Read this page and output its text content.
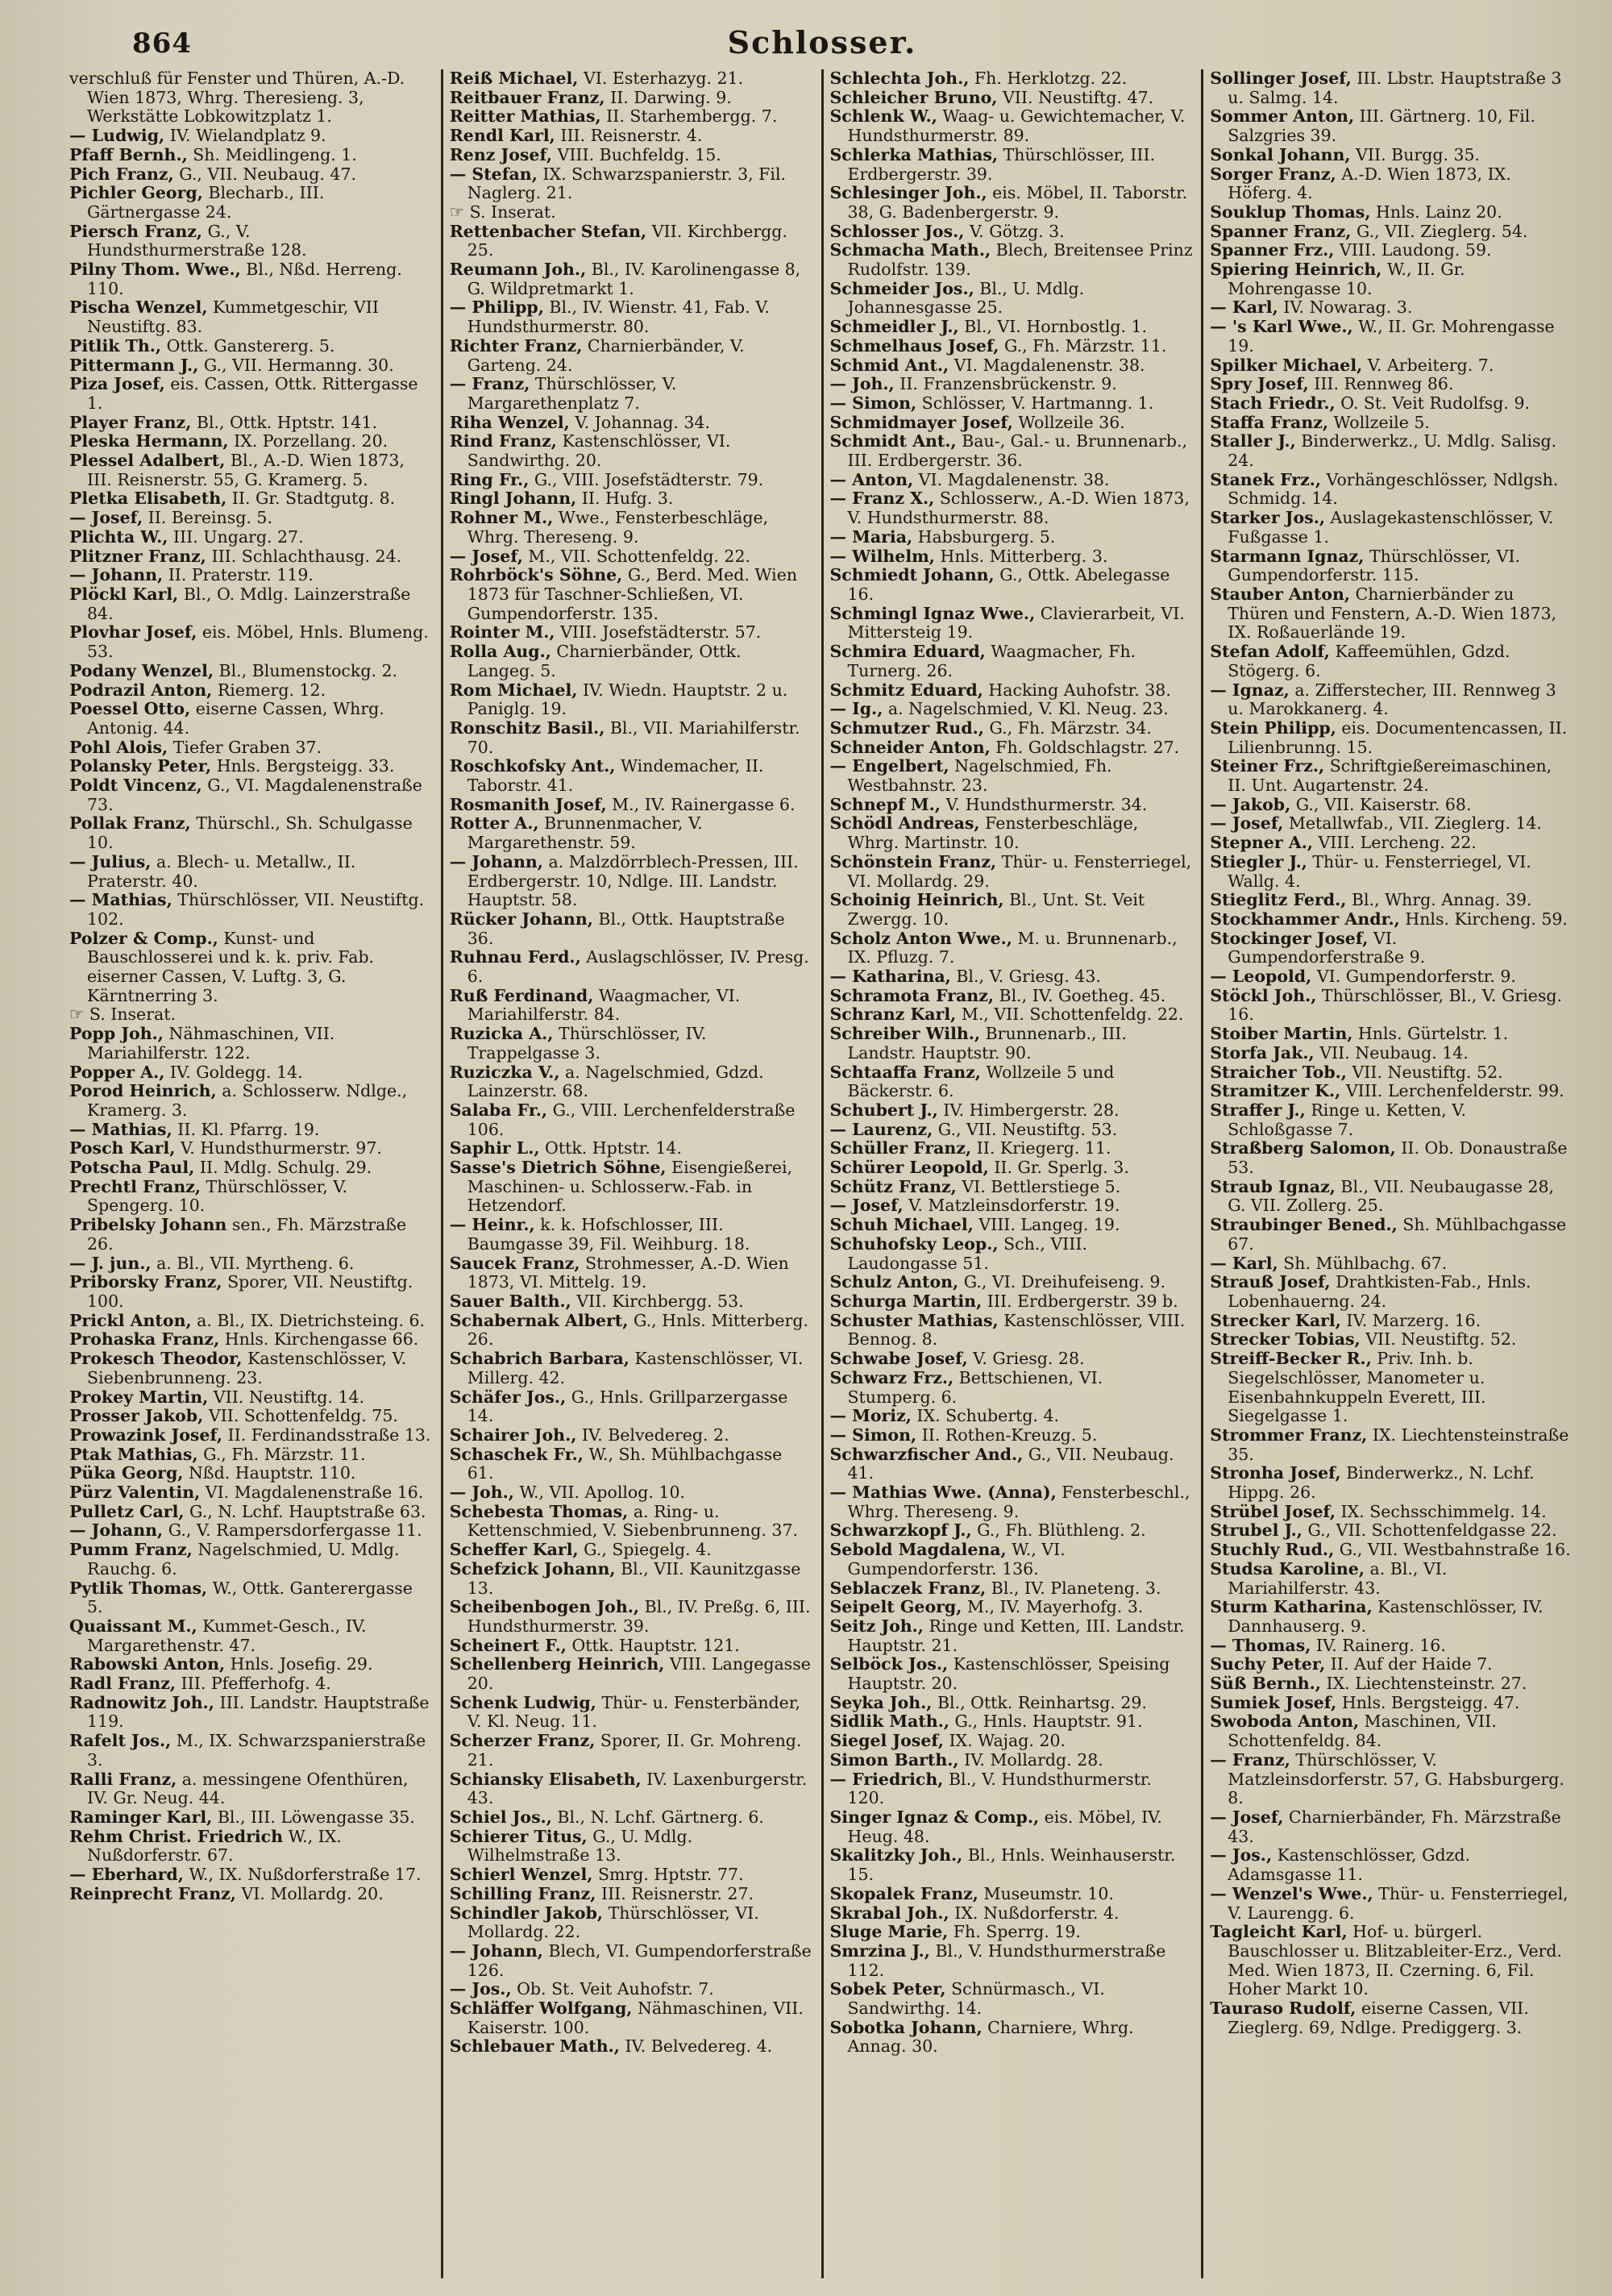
864	Schlosser.

verschluß für Fenster und Thüren, A.-D. Wien 1873, Whrg. Theresieng. 3, Werkstätte Lobkowitzplatz 1.

— Ludwig, IV. Wielandplatz 9.

Pfaff Bernh., Sh. Meidlingeng. 1.

Pich Franz, G., VII. Neubaug. 47.

Pichler Georg, Blecharb., III. Gärtnergasse 24.

Piersch Franz, G., V. Hundsthurmerstraße 128.

Pilny Thom. Wwe., Bl., Nßd. Herreng. 110.

Pischa Wenzel, Kummetgeschir, VII Neustiftg. 83.

Pitlik Th., Ottk. Ganstererg. 5.

Pittermann J., G., VII. Hermanng. 30.

Piza Josef, eis. Cassen, Ottk. Rittergasse 1.

Player Franz, Bl., Ottk. Hptstr. 141.

Pleska Hermann, IX. Porzellang. 20.

Plessel Adalbert, Bl., A.-D. Wien 1873, III. Reisnerstr. 55, G. Kramerg. 5.

Pletka Elisabeth, II. Gr. Stadtgutg. 8.

— Josef, II. Bereinsg. 5.

Plichta W., III. Ungarg. 27.

Plitzner Franz, III. Schlachthausg. 24.

— Johann, II. Praterstr. 119.

Plöckl Karl, Bl., O. Mdlg. Lainzerstraße 84.

Plovhar Josef, eis. Möbel, Hnls. Blumeng. 53.

Podany Wenzel, Bl., Blumenstockg. 2.

Podrazil Anton, Riemerg. 12.

Poessel Otto, eiserne Cassen, Whrg. Antonig. 44.

Pohl Alois, Tiefer Graben 37.

Polansky Peter, Hnls. Bergsteigg. 33.

Poldt Vincenz, G., VI. Magdalenenstraße 73.

Pollak Franz, Thürschl., Sh. Schulgasse 10.

— Julius, a. Blech- u. Metallw., II. Praterstr. 40.

— Mathias, Thürschlösser, VII. Neustiftg. 102.

Polzer & Comp., Kunst- und Bauschlosserei und k. k. priv. Fab. eiserner Cassen, V. Luftg. 3, G. Kärntnerring 3.

☞ S. Inserat.

Popp Joh., Nähmaschinen, VII. Mariahilferstr. 122.

Popper A., IV. Goldegg. 14.

Porod Heinrich, a. Schlosserw. Ndlge., Kramerg. 3.

— Mathias, II. Kl. Pfarrg. 19.

Posch Karl, V. Hundsthurmerstr. 97.

Potscha Paul, II. Mdlg. Schulg. 29.

Prechtl Franz, Thürschlösser, V. Spengerg. 10.

Pribelsky Johann sen., Fh. Märzstraße 26.

— J. jun., a. Bl., VII. Myrtheng. 6.

Priborsky Franz, Sporer, VII. Neustiftg. 100.

Prickl Anton, a. Bl., IX. Dietrichsteing. 6.

Prohaska Franz, Hnls. Kirchengasse 66.

Prokesch Theodor, Kastenschlösser, V. Siebenbrunneng. 23.

Prokey Martin, VII. Neustiftg. 14.

Prosser Jakob, VII. Schottenfeldg. 75.

Prowazink Josef, II. Ferdinandsstraße 13.

Ptak Mathias, G., Fh. Märzstr. 11.

Püka Georg, Nßd. Hauptstr. 110.

Pürz Valentin, VI. Magdalenenstraße 16.

Pulletz Carl, G., N. Lchf. Hauptstraße 63.

— Johann, G., V. Rampersdorfergasse 11.

Pumm Franz, Nagelschmied, U. Mdlg. Rauchg. 6.

Pytlik Thomas, W., Ottk. Ganterergasse 5.

Quaissant M., Kummet-Gesch., IV. Margarethenstr. 47.

Rabowski Anton, Hnls. Josefig. 29.

Radl Franz, III. Pfefferhofg. 4.

Radnowitz Joh., III. Landstr. Hauptstraße 119.

Rafelt Jos., M., IX. Schwarzspanierstraße 3.

Ralli Franz, a. messingene Ofenthüren, IV. Gr. Neug. 44.

Raminger Karl, Bl., III. Löwengasse 35.

Rehm Christ. Friedrich W., IX. Nußdorferstr. 67.

— Eberhard, W., IX. Nußdorferstraße 17.

Reinprecht Franz, VI. Mollardg. 20.

Reiß Michael, VI. Esterhazyg. 21.

Reitbauer Franz, II. Darwing. 9.

Reitter Mathias, II. Starhembergg. 7.

Rendl Karl, III. Reisnerstr. 4.

Renz Josef, VIII. Buchfeldg. 15.

— Stefan, IX. Schwarzspanierstr. 3, Fil. Naglerg. 21.

☞ S. Inserat.

Rettenbacher Stefan, VII. Kirchbergg. 25.

Reumann Joh., Bl., IV. Karolinengasse 8, G. Wildpretmarkt 1.

— Philipp, Bl., IV. Wienstr. 41, Fab. V. Hundsthurmerstr. 80.

Richter Franz, Charnierbänder, V. Garteng. 24.

— Franz, Thürschlösser, V. Margarethenplatz 7.

Riha Wenzel, V. Johannag. 34.

Rind Franz, Kastenschlösser, VI. Sandwirthg. 20.

Ring Fr., G., VIII. Josefstädterstr. 79.

Ringl Johann, II. Hufg. 3.

Rohner M., Wwe., Fensterbeschläge, Whrg. Thereseng. 9.

— Josef, M., VII. Schottenfeldg. 22.

Rohrböck's Söhne, G., Berd. Med. Wien 1873 für Taschner-Schließen, VI. Gumpendorferstr. 135.

Rointer M., VIII. Josefstädterstr. 57.

Rolla Aug., Charnierbänder, Ottk. Langeg. 5.

Rom Michael, IV. Wiedn. Hauptstr. 2 u. Paniglg. 19.

Ronschitz Basil., Bl., VII. Mariahilferstr. 70.

Roschkofsky Ant., Windemacher, II. Taborstr. 41.

Rosmanith Josef, M., IV. Rainergasse 6.

Rotter A., Brunnenmacher, V. Margarethenstr. 59.

— Johann, a. Malzdörrblech-Pressen, III. Erdbergerstr. 10, Ndlge. III. Landstr. Hauptstr. 58.

Rücker Johann, Bl., Ottk. Hauptstraße 36.

Ruhnau Ferd., Auslagschlösser, IV. Presg. 6.

Ruß Ferdinand, Waagmacher, VI. Mariahilferstr. 84.

Ruzicka A., Thürschlösser, IV. Trappelgasse 3.

Ruziczka V., a. Nagelschmied, Gdzd. Lainzerstr. 68.

Salaba Fr., G., VIII. Lerchenfelderstraße 106.

Saphir L., Ottk. Hptstr. 14.

Sasse's Dietrich Söhne, Eisengießerei, Maschinen- u. Schlosserw.-Fab. in Hetzendorf.

— Heinr., k. k. Hofschlosser, III. Baumgasse 39, Fil. Weihburg. 18.

Saucek Franz, Strohmesser, A.-D. Wien 1873, VI. Mittelg. 19.

Sauer Balth., VII. Kirchbergg. 53.

Schabernak Albert, G., Hnls. Mitterberg. 26.

Schabrich Barbara, Kastenschlösser, VI. Millerg. 42.

Schäfer Jos., G., Hnls. Grillparzergasse 14.

Schairer Joh., IV. Belvedereg. 2.

Schaschek Fr., W., Sh. Mühlbachgasse 61.

— Joh., W., VII. Apollog. 10.

Schebesta Thomas, a. Ring- u. Kettenschmied, V. Siebenbrunneng. 37.

Scheffer Karl, G., Spiegelg. 4.

Schefzick Johann, Bl., VII. Kaunitzgasse 13.

Scheibenbogen Joh., Bl., IV. Preßg. 6, III. Hundsthurmerstr. 39.

Scheinert F., Ottk. Hauptstr. 121.

Schellenberg Heinrich, VIII. Langegasse 20.

Schenk Ludwig, Thür- u. Fensterbänder, V. Kl. Neug. 11.

Scherzer Franz, Sporer, II. Gr. Mohreng. 21.

Schiansky Elisabeth, IV. Laxenburgerstr. 43.

Schiel Jos., Bl., N. Lchf. Gärtnerg. 6.

Schierer Titus, G., U. Mdlg. Wilhelmstraße 13.

Schierl Wenzel, Smrg. Hptstr. 77.

Schilling Franz, III. Reisnerstr. 27.

Schindler Jakob, Thürschlösser, VI. Mollardg. 22.

— Johann, Blech, VI. Gumpendorferstraße 126.

— Jos., Ob. St. Veit Auhofstr. 7.

Schläffer Wolfgang, Nähmaschinen, VII. Kaiserstr. 100.

Schlebauer Math., IV. Belvedereg. 4.

Schlechta Joh., Fh. Herklotzg. 22.

Schleicher Bruno, VII. Neustiftg. 47.

Schlenk W., Waag- u. Gewichtemacher, V. Hundsthurmerstr. 89.

Schlerka Mathias, Thürschlösser, III. Erdbergerstr. 39.

Schlesinger Joh., eis. Möbel, II. Taborstr. 38, G. Badenbergerstr. 9.

Schlosser Jos., V. Götzg. 3.

Schmacha Math., Blech, Breitensee Prinz Rudolfstr. 139.

Schmeider Jos., Bl., U. Mdlg. Johannesgasse 25.

Schmeidler J., Bl., VI. Hornbostlg. 1.

Schmelhaus Josef, G., Fh. Märzstr. 11.

Schmid Ant., VI. Magdalenenstr. 38.

— Joh., II. Franzensbrückenstr. 9.

— Simon, Schlösser, V. Hartmanng. 1.

Schmidmayer Josef, Wollzeile 36.

Schmidt Ant., Bau-, Gal.- u. Brunnenarb., III. Erdbergerstr. 36.

— Anton, VI. Magdalenenstr. 38.

— Franz X., Schlosserw., A.-D. Wien 1873, V. Hundsthurmerstr. 88.

— Maria, Habsburgerg. 5.

— Wilhelm, Hnls. Mitterberg. 3.

Schmiedt Johann, G., Ottk. Abelegasse 16.

Schmingl Ignaz Wwe., Clavierarbeit, VI. Mittersteig 19.

Schmira Eduard, Waagmacher, Fh. Turnerg. 26.

Schmitz Eduard, Hacking Auhofstr. 38.

— Ig., a. Nagelschmied, V. Kl. Neug. 23.

Schmutzer Rud., G., Fh. Märzstr. 34.

Schneider Anton, Fh. Goldschlagstr. 27.

— Engelbert, Nagelschmied, Fh. Westbahnstr. 23.

Schnepf M., V. Hundsthurmerstr. 34.

Schödl Andreas, Fensterbeschläge, Whrg. Martinstr. 10.

Schönstein Franz, Thür- u. Fensterriegel, VI. Mollardg. 29.

Schoinig Heinrich, Bl., Unt. St. Veit Zwergg. 10.

Scholz Anton Wwe., M. u. Brunnenarb., IX. Pfluzg. 7.

— Katharina, Bl., V. Griesg. 43.

Schramota Franz, Bl., IV. Goetheg. 45.

Schranz Karl, M., VII. Schottenfeldg. 22.

Schreiber Wilh., Brunnenarb., III. Landstr. Hauptstr. 90.

Schtaaffa Franz, Wollzeile 5 und Bäckerstr. 6.

Schubert J., IV. Himbergerstr. 28.

— Laurenz, G., VII. Neustiftg. 53.

Schüller Franz, II. Kriegerg. 11.

Schürer Leopold, II. Gr. Sperlg. 3.

Schütz Franz, VI. Bettlerstiege 5.

— Josef, V. Matzleinsdorferstr. 19.

Schuh Michael, VIII. Langeg. 19.

Schuhofsky Leop., Sch., VIII. Laudongasse 51.

Schulz Anton, G., VI. Dreihufeiseng. 9.

Schurga Martin, III. Erdbergerstr. 39 b.

Schuster Mathias, Kastenschlösser, VIII. Bennog. 8.

Schwabe Josef, V. Griesg. 28.

Schwarz Frz., Bettschienen, VI. Stumperg. 6.

— Moriz, IX. Schubertg. 4.

— Simon, II. Rothen-Kreuzg. 5.

Schwarzfischer And., G., VII. Neubaug. 41.

— Mathias Wwe. (Anna), Fensterbeschl., Whrg. Thereseng. 9.

Schwarzkopf J., G., Fh. Blüthleng. 2.

Sebold Magdalena, W., VI. Gumpendorferstr. 136.

Seblaczek Franz, Bl., IV. Planeteng. 3.

Seipelt Georg, M., IV. Mayerhofg. 3.

Seitz Joh., Ringe und Ketten, III. Landstr. Hauptstr. 21.

Selböck Jos., Kastenschlösser, Speising Hauptstr. 20.

Seyka Joh., Bl., Ottk. Reinhartsg. 29.

Sidlik Math., G., Hnls. Hauptstr. 91.

Siegel Josef, IX. Wajag. 20.

Simon Barth., IV. Mollardg. 28.

— Friedrich, Bl., V. Hundsthurmerstr. 120.

Singer Ignaz & Comp., eis. Möbel, IV. Heug. 48.

Skalitzky Joh., Bl., Hnls. Weinhauserstr. 15.

Skopalek Franz, Museumstr. 10.

Skrabal Joh., IX. Nußdorferstr. 4.

Sluge Marie, Fh. Sperrg. 19.

Smrzina J., Bl., V. Hundsthurmerstraße 112.

Sobek Peter, Schnürmasch., VI. Sandwirthg. 14.

Sobotka Johann, Charniere, Whrg. Annag. 30.

Sollinger Josef, III. Lbstr. Hauptstraße 3 u. Salmg. 14.

Sommer Anton, III. Gärtnerg. 10, Fil. Salzgries 39.

Sonkal Johann, VII. Burgg. 35.

Sorger Franz, A.-D. Wien 1873, IX. Höferg. 4.

Souklup Thomas, Hnls. Lainz 20.

Spanner Franz, G., VII. Zieglerg. 54.

Spanner Frz., VIII. Laudong. 59.

Spiering Heinrich, W., II. Gr. Mohrengasse 10.

— Karl, IV. Nowarag. 3.

— 's Karl Wwe., W., II. Gr. Mohrengasse 19.

Spilker Michael, V. Arbeiterg. 7.

Spry Josef, III. Rennweg 86.

Stach Friedr., O. St. Veit Rudolfsg. 9.

Staffa Franz, Wollzeile 5.

Staller J., Binderwerkz., U. Mdlg. Salisg. 24.

Stanek Frz., Vorhängeschlösser, Ndlgsh. Schmidg. 14.

Starker Jos., Auslagekastenschlösser, V. Fußgasse 1.

Starmann Ignaz, Thürschlösser, VI. Gumpendorferstr. 115.

Stauber Anton, Charnierbänder zu Thüren und Fenstern, A.-D. Wien 1873, IX. Roßauerlände 19.

Stefan Adolf, Kaffeemühlen, Gdzd. Stögerg. 6.

— Ignaz, a. Zifferstecher, III. Rennweg 3 u. Marokkanerg. 4.

Stein Philipp, eis. Documentencassen, II. Lilienbrunng. 15.

Steiner Frz., Schriftgießereimaschinen, II. Unt. Augartenstr. 24.

— Jakob, G., VII. Kaiserstr. 68.

— Josef, Metallwfab., VII. Zieglerg. 14.

Stepner A., VIII. Lercheng. 22.

Stiegler J., Thür- u. Fensterriegel, VI. Wallg. 4.

Stieglitz Ferd., Bl., Whrg. Annag. 39.

Stockhammer Andr., Hnls. Kircheng. 59.

Stockinger Josef, VI. Gumpendorferstraße 9.

— Leopold, VI. Gumpendorferstr. 9.

Stöckl Joh., Thürschlösser, Bl., V. Griesg. 16.

Stoiber Martin, Hnls. Gürtelstr. 1.

Storfa Jak., VII. Neubaug. 14.

Straicher Tob., VII. Neustiftg. 52.

Stramitzer K., VIII. Lerchenfelderstr. 99.

Straffer J., Ringe u. Ketten, V. Schloßgasse 7.

Straßberg Salomon, II. Ob. Donaustraße 53.

Straub Ignaz, Bl., VII. Neubaugasse 28, G. VII. Zollerg. 25.

Straubinger Bened., Sh. Mühlbachgasse 67.

— Karl, Sh. Mühlbachg. 67.

Strauß Josef, Drahtkisten-Fab., Hnls. Lobenhauerng. 24.

Strecker Karl, IV. Marzerg. 16.

Strecker Tobias, VII. Neustiftg. 52.

Streiff-Becker R., Priv. Inh. b. Siegelschlösser, Manometer u. Eisenbahnkuppeln Everett, III. Siegelgasse 1.

Strommer Franz, IX. Liechtensteinstraße 35.

Stronha Josef, Binderwerkz., N. Lchf. Hippg. 26.

Strübel Josef, IX. Sechsschimmelg. 14.

Strubel J., G., VII. Schottenfeldgasse 22.

Stuchly Rud., G., VII. Westbahnstraße 16.

Studsa Karoline, a. Bl., VI. Mariahilferstr. 43.

Sturm Katharina, Kastenschlösser, IV. Dannhauserg. 9.

— Thomas, IV. Rainerg. 16.

Suchy Peter, II. Auf der Haide 7.

Süß Bernh., IX. Liechtensteinstr. 27.

Sumiek Josef, Hnls. Bergsteigg. 47.

Swoboda Anton, Maschinen, VII. Schottenfeldg. 84.

— Franz, Thürschlösser, V. Matzleinsdorferstr. 57, G. Habsburgerg. 8.

— Josef, Charnierbänder, Fh. Märzstraße 43.

— Jos., Kastenschlösser, Gdzd. Adamsgasse 11.

— Wenzel's Wwe., Thür- u. Fensterriegel, V. Laurengg. 6.

Tagleicht Karl, Hof- u. bürgerl. Bauschlosser u. Blitzableiter-Erz., Verd. Med. Wien 1873, II. Czerning. 6, Fil. Hoher Markt 10.

Tauraso Rudolf, eiserne Cassen, VII. Zieglerg. 69, Ndlge. Prediggerg. 3.
